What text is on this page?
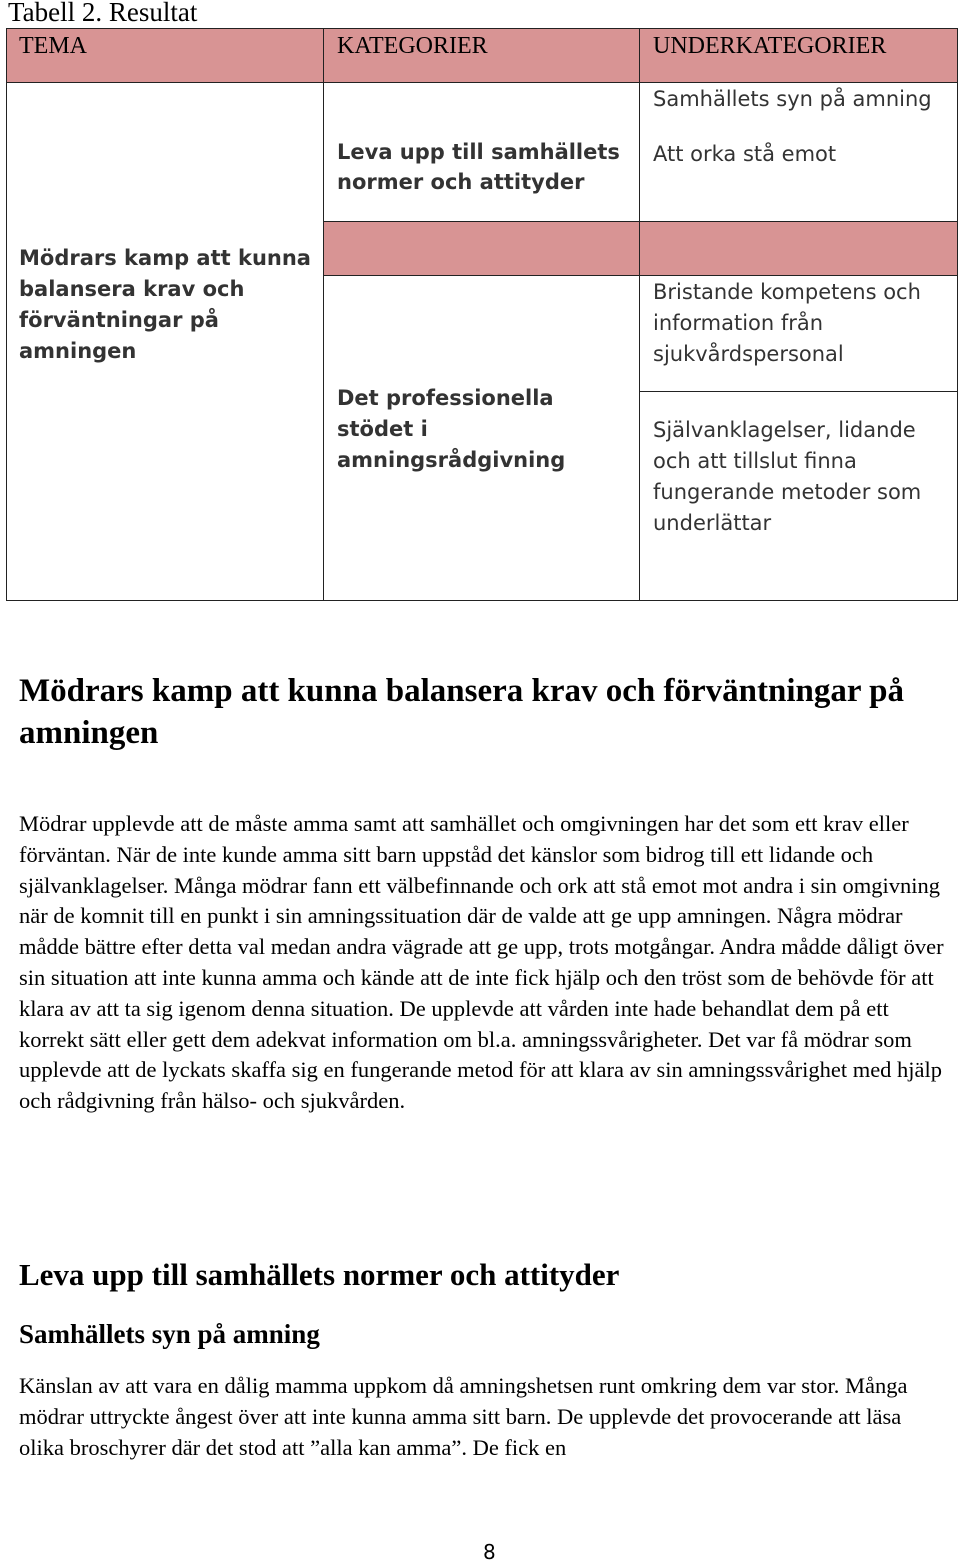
Tabell 2. Resultat
TEMA	KATEGORIER	UNDERKATEGORIER
Mödrars kamp att kunna balansera krav och förväntningar på amningen
Leva upp till samhällets normer och attityder
Det professionella stödet i amningsrådgivning
Samhällets syn på amning
Att orka stå emot
Bristande kompetens och information från sjukvårdspersonal
Självanklagelser, lidande och att tillslut finna fungerande metoder som underlättar
Mödrars kamp att kunna balansera krav och förväntningar på amningen

Mödrar upplevde att de måste amma samt att samhället och omgivningen har det som ett krav eller förväntan. När de inte kunde amma sitt barn uppståd det känslor som bidrog till ett lidande och självanklagelser. Många mödrar fann ett välbefinnande och ork att stå emot mot andra i sin omgivning när de komnit till en punkt i sin amningssituation där de valde att ge upp amningen. Några mödrar mådde bättre efter detta val medan andra vägrade att ge upp, trots motgångar. Andra mådde dåligt över sin situation att inte kunna amma och kände att de inte fick hjälp och den tröst som de behövde för att klara av att ta sig igenom denna situation. De upplevde att vården inte hade behandlat dem på ett korrekt sätt eller gett dem adekvat information om bl.a. amningssvårigheter. Det var få mödrar som upplevde att de lyckats skaffa sig en fungerande metod för att klara av sin amningssvårighet med hjälp och rådgivning från hälso- och sjukvården.

Leva upp till samhällets normer och attityder
Samhällets syn på amning

Känslan av att vara en dålig mamma uppkom då amningshetsen runt omkring dem var stor. Många mödrar uttryckte ångest över att inte kunna amma sitt barn. De upplevde det provocerande att läsa olika broschyrer där det stod att ”alla kan amma”. De fick en

8
